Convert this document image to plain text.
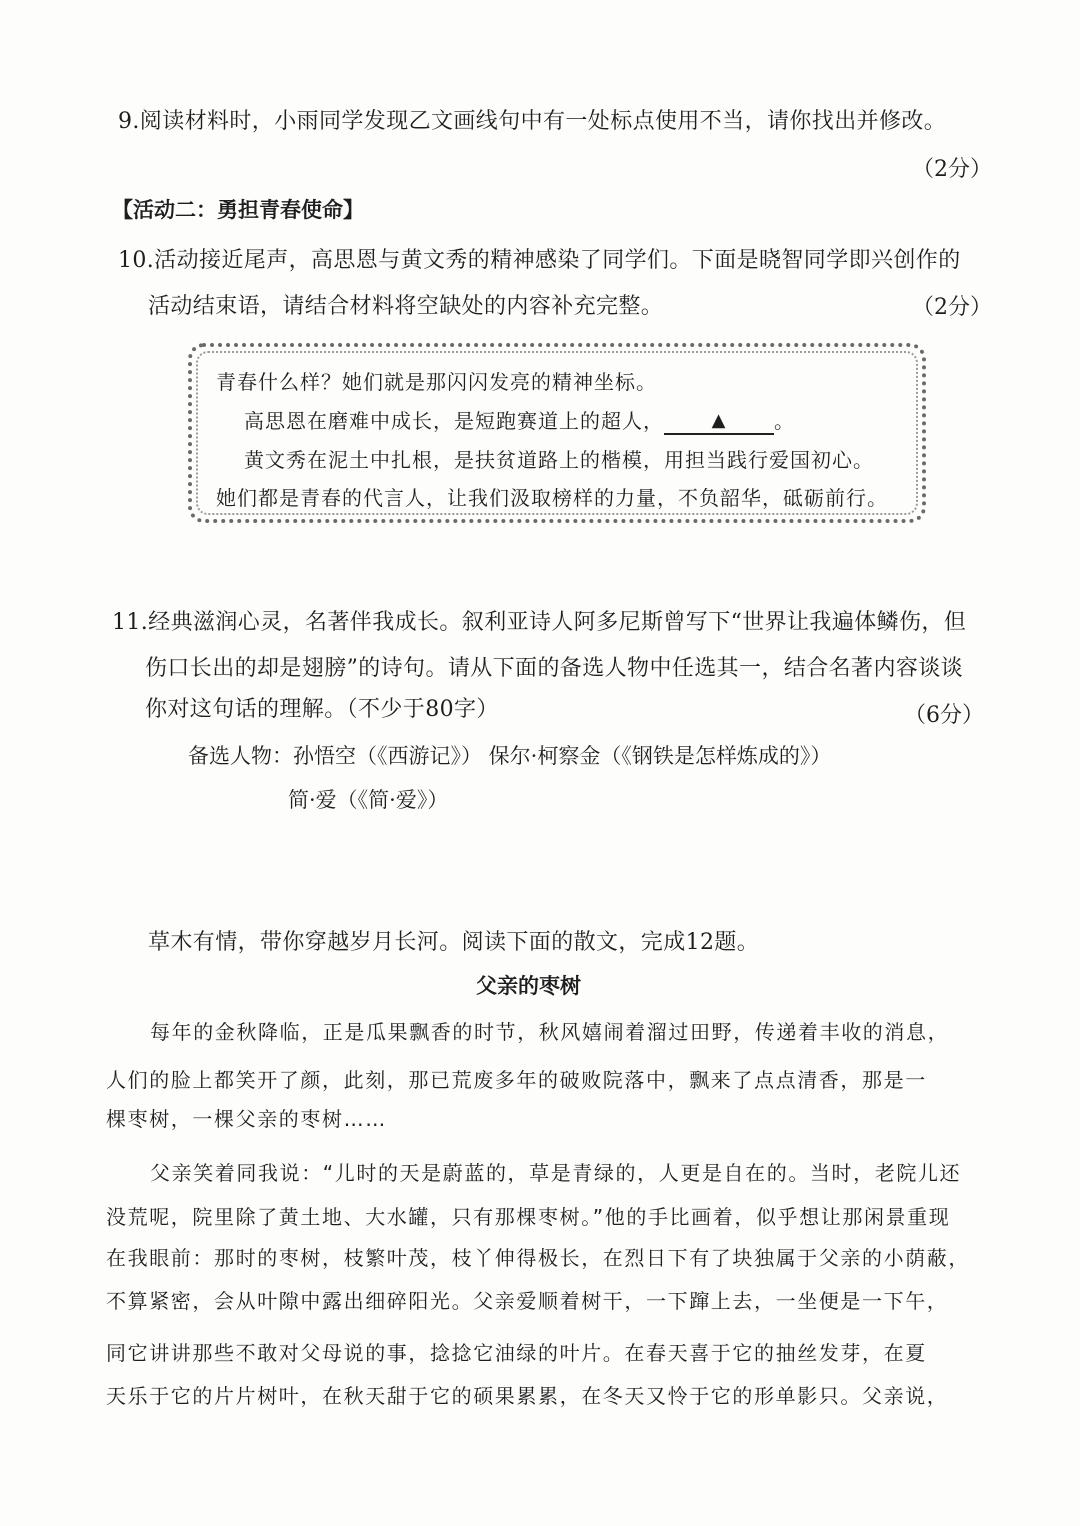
9.阅读材料时，小雨同学发现乙文画线句中有一处标点使用不当，请你找出并修改。
（2分）
【活动二：勇担青春使命】
10.活动接近尾声，高思恩与黄文秀的精神感染了同学们。下面是晓智同学即兴创作的
活动结束语，请结合材料将空缺处的内容补充完整。	（2分）
青春什么样？她们就是那闪闪发亮的精神坐标。
高思恩在磨难中成长，是短跑赛道上的超人，	▲ 。
黄文秀在泥土中扎根，是扶贫道路上的楷模，用担当践行爱国初心。
她们都是青春的代言人，让我们汲取榜样的力量，不负韶华，砥砺前行。
11.经典滋润心灵，名著伴我成长。叙利亚诗人阿多尼斯曾写下“世界让我遍体鳞伤，但
伤口长出的却是翅膀”的诗句。请从下面的备选人物中任选其一，结合名著内容谈谈
你对这句话的理解。（不少于80字）	（6分）
备选人物：孙悟空（《西游记》） 保尔·柯察金（《钢铁是怎样炼成的》）
简·爱（《简·爱》）
草木有情，带你穿越岁月长河。阅读下面的散文，完成12题。
父亲的枣树
每年的金秋降临，正是瓜果飘香的时节，秋风嬉闹着溜过田野，传递着丰收的消息，
人们的脸上都笑开了颜，此刻，那已荒废多年的破败院落中，飘来了点点清香，那是一
棵枣树，一棵父亲的枣树……
父亲笑着同我说：“儿时的天是蔚蓝的，草是青绿的，人更是自在的。当时，老院儿还
没荒呢，院里除了黄土地、大水罐，只有那棵枣树。”他的手比画着，似乎想让那闲景重现
在我眼前：那时的枣树，枝繁叶茂，枝丫伸得极长，在烈日下有了块独属于父亲的小荫蔽，
不算紧密，会从叶隙中露出细碎阳光。父亲爱顺着树干，一下蹿上去，一坐便是一下午，
同它讲讲那些不敢对父母说的事，捻捻它油绿的叶片。在春天喜于它的抽丝发芽，在夏
天乐于它的片片树叶，在秋天甜于它的硕果累累，在冬天又怜于它的形单影只。父亲说，
